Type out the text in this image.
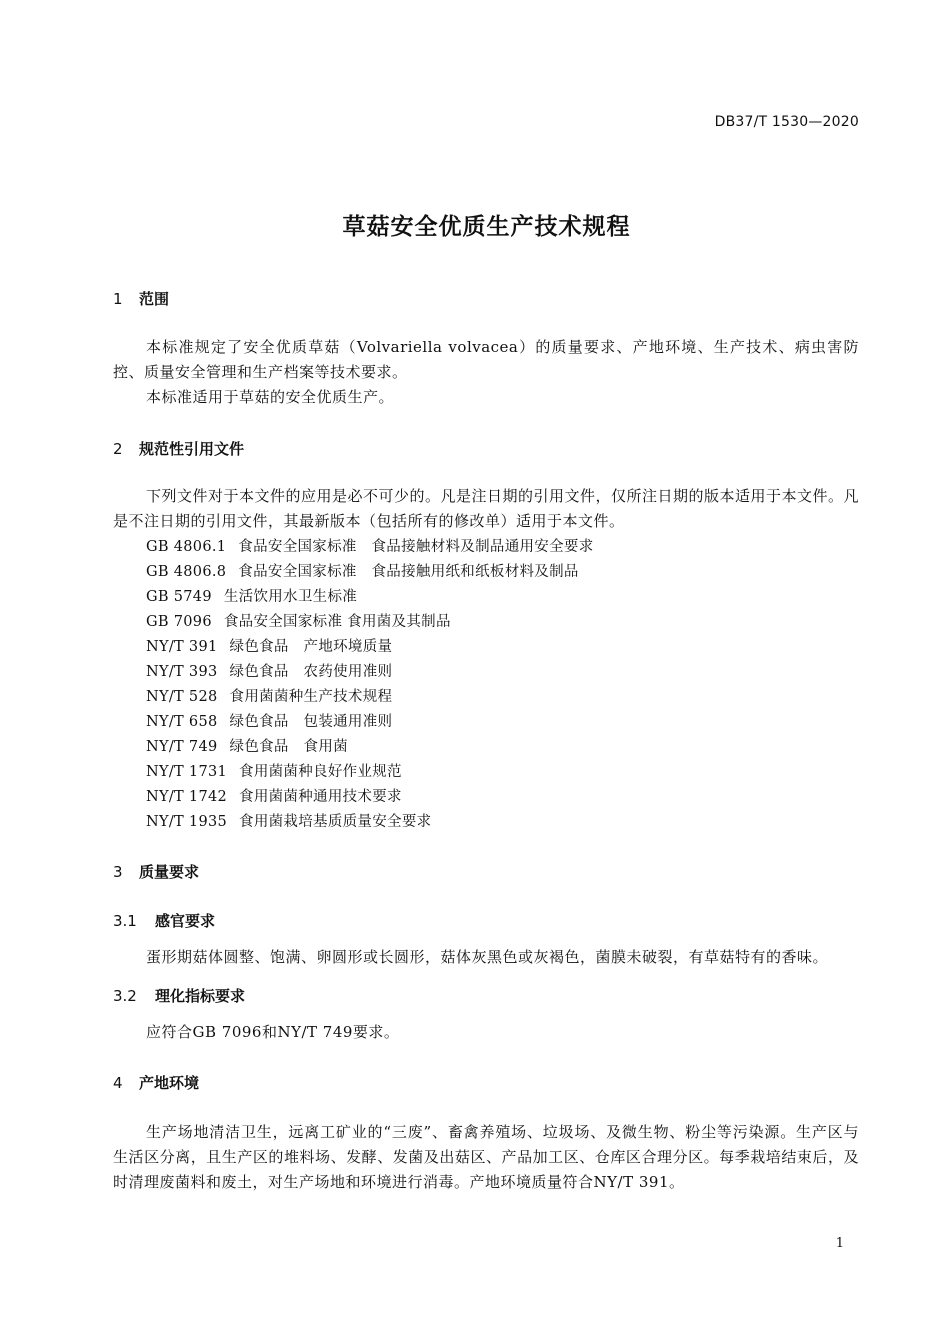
DB37/T 1530—2020
草菇安全优质生产技术规程
1 范围
本标准规定了安全优质草菇（Volvariella volvacea）的质量要求、产地环境、生产技术、病虫害防控、质量安全管理和生产档案等技术要求。
本标准适用于草菇的安全优质生产。
2 规范性引用文件
下列文件对于本文件的应用是必不可少的。凡是注日期的引用文件，仅所注日期的版本适用于本文件。凡是不注日期的引用文件，其最新版本（包括所有的修改单）适用于本文件。
GB 4806.1 食品安全国家标准　食品接触材料及制品通用安全要求
GB 4806.8 食品安全国家标准　食品接触用纸和纸板材料及制品
GB 5749 生活饮用水卫生标准
GB 7096 食品安全国家标准 食用菌及其制品
NY/T 391 绿色食品　产地环境质量
NY/T 393 绿色食品　农药使用准则
NY/T 528 食用菌菌种生产技术规程
NY/T 658 绿色食品　包装通用准则
NY/T 749 绿色食品　食用菌
NY/T 1731 食用菌菌种良好作业规范
NY/T 1742 食用菌菌种通用技术要求
NY/T 1935 食用菌栽培基质质量安全要求
3 质量要求
3.1 感官要求
蛋形期菇体圆整、饱满、卵圆形或长圆形，菇体灰黑色或灰褐色，菌膜未破裂，有草菇特有的香味。
3.2 理化指标要求
应符合GB 7096和NY/T 749要求。
4 产地环境
生产场地清洁卫生，远离工矿业的“三废”、畜禽养殖场、垃圾场、及微生物、粉尘等污染源。生产区与生活区分离，且生产区的堆料场、发酵、发菌及出菇区、产品加工区、仓库区合理分区。每季栽培结束后，及时清理废菌料和废土，对生产场地和环境进行消毒。产地环境质量符合NY/T 391。
1
